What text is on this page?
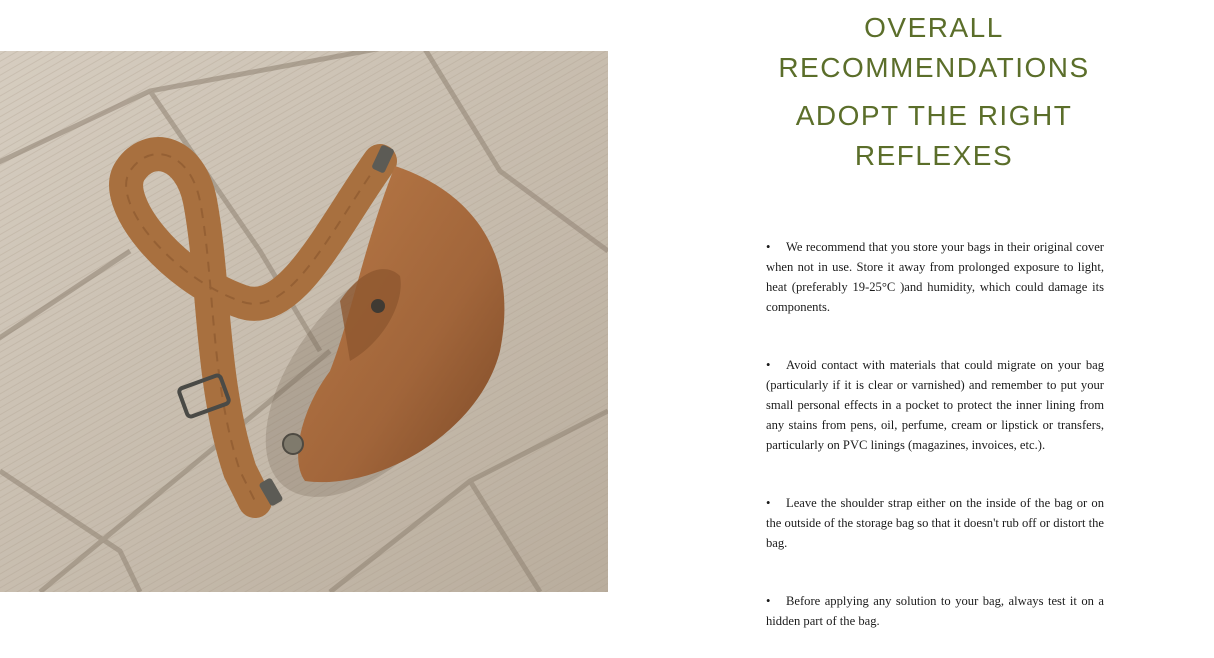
OVERALL RECOMMENDATIONS
ADOPT THE RIGHT REFLEXES
• We recommend that you store your bags in their original cover when not in use. Store it away from prolonged exposure to light, heat (preferably 19-25°C )and humidity, which could damage its components.
• Avoid contact with materials that could migrate on your bag (particularly if it is clear or varnished) and remember to put your small personal effects in a pocket to protect the inner lining from any stains from pens, oil, perfume, cream or lipstick or transfers, particularly on PVC linings (magazines, invoices, etc.).
• Leave the shoulder strap either on the inside of the bag or on the outside of the storage bag so that it doesn't rub off or distort the bag.
• Before applying any solution to your bag, always test it on a hidden part of the bag.
